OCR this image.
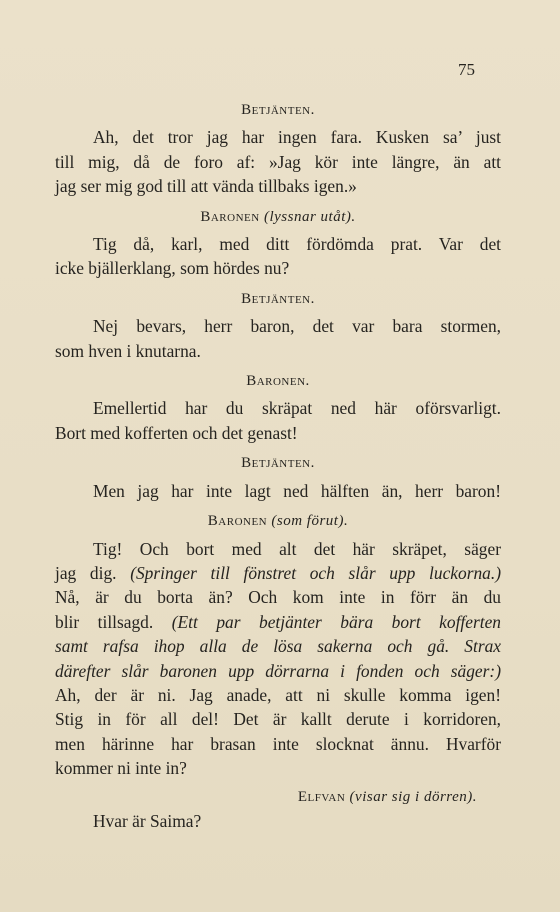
75
Betjänten.
Ah, det tror jag har ingen fara. Kusken sa’ just
till mig, då de foro af: »Jag kör inte längre, än att
jag ser mig god till att vända tillbaks igen.»
Baronen (lyssnar utåt).
Tig då, karl, med ditt fördömda prat. Var det
icke bjällerklang, som hördes nu?
Betjänten.
Nej bevars, herr baron, det var bara stormen,
som hven i knutarna.
Baronen.
Emellertid har du skräpat ned här oförsvarligt.
Bort med kofferten och det genast!
Betjänten.
Men jag har inte lagt ned hälften än, herr baron!
Baronen (som förut).
Tig! Och bort med alt det här skräpet, säger
jag dig. (Springer till fönstret och slår upp luckorna.)
Nå, är du borta än? Och kom inte in förr än du
blir tillsagd. (Ett par betjänter bära bort kofferten
samt rafsa ihop alla de lösa sakerna och gå. Strax
därefter slår baronen upp dörrarna i fonden och säger:)
Ah, der är ni. Jag anade, att ni skulle komma igen!
Stig in för all del! Det är kallt derute i korridoren,
men härinne har brasan inte slocknat ännu. Hvarför
kommer ni inte in?
Elfvan (visar sig i dörren).
Hvar är Saima?
